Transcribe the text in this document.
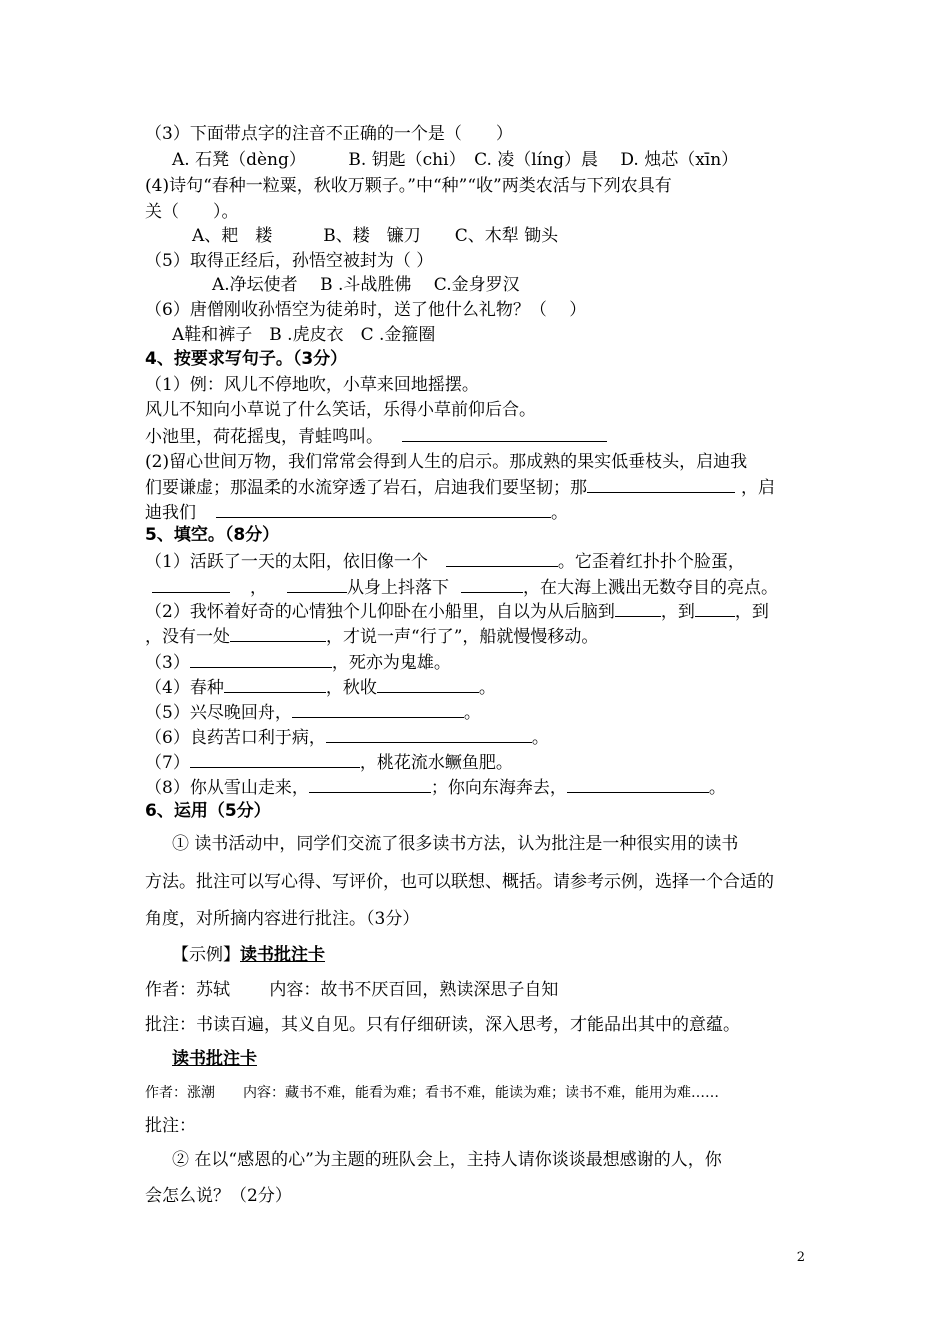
（3）下面带点字的注音不正确的一个是（　　）
A. 石凳（dèng）　　　B. 钥匙（chi）　C. 凌（líng）晨　 D. 烛芯（xīn）
(4)诗句“春种一粒粟，秋收万颗子。”中“种”“收”两类农活与下列农具有
关（　　）。
A、耙　耧　　　B、耧　镰刀　　C、木犁 锄头
（5）取得正经后，孙悟空被封为（ ）
A.净坛使者　 B .斗战胜佛　 C.金身罗汉
（6）唐僧刚收孙悟空为徒弟时，送了他什么礼物？（　 ）
A鞋和裤子　B .虎皮衣　C .金箍圈
4、按要求写句子。（3分）
（1）例：风儿不停地吹，小草来回地摇摆。
风儿不知向小草说了什么笑话，乐得小草前仰后合。
小池里，荷花摇曳，青蛙鸣叫。
(2)留心世间万物，我们常常会得到人生的启示。那成熟的果实低垂枝头，启迪我
们要谦虚；那温柔的水流穿透了岩石，启迪我们要坚韧；那	，启
迪我们	。
5、填空。（8分）
（1）活跃了一天的太阳，依旧像一个	。它歪着红扑扑个脸蛋，
，	从身上抖落下	，在大海上溅出无数夺目的亮点。
（2）我怀着好奇的心情独个儿仰卧在小船里，自以为从后脑到	，到 ，到
，没有一处	，才说一声“行了”，船就慢慢移动。
（3）	，死亦为鬼雄。
（4）春种	，秋收	。
（5）兴尽晚回舟，	。
（6）良药苦口利于病，	。
（7）	，桃花流水鳜鱼肥。
（8）你从雪山走来，	；你向东海奔去，	。
6、运用（5分）
① 读书活动中，同学们交流了很多读书方法，认为批注是一种很实用的读书
方法。批注可以写心得、写评价，也可以联想、概括。请参考示例，选择一个合适的
角度，对所摘内容进行批注。（3分）
【示例】读书批注卡
作者：苏轼　　 内容：故书不厌百回，熟读深思子自知
批注：书读百遍，其义自见。只有仔细研读，深入思考，才能品出其中的意蕴。
读书批注卡
作者：涨潮　　内容：藏书不难，能看为难；看书不难，能读为难；读书不难，能用为难……
批注：
② 在以“感恩的心”为主题的班队会上，主持人请你谈谈最想感谢的人，你
会怎么说？（2分）
2
